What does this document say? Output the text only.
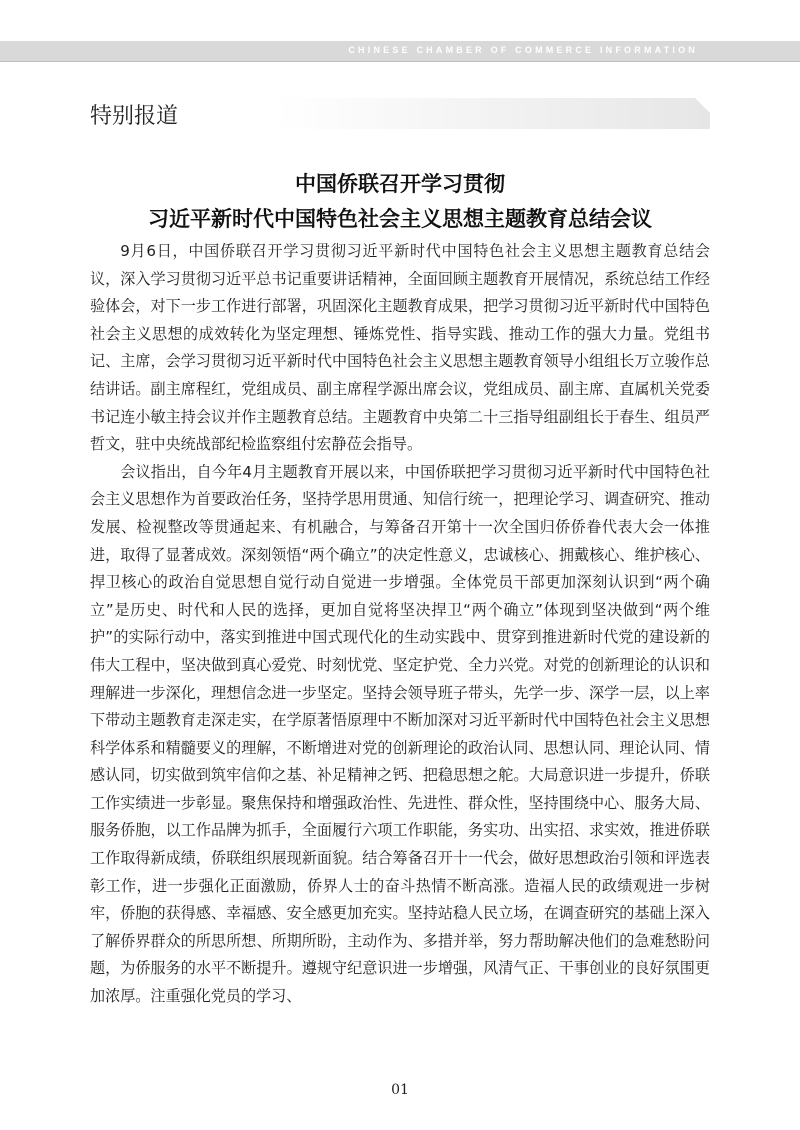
CHINESE CHAMBER OF COMMERCE INFORMATION
特别报道
中国侨联召开学习贯彻
习近平新时代中国特色社会主义思想主题教育总结会议

9月6日，中国侨联召开学习贯彻习近平新时代中国特色社会主义思想主题教育总结会议，深入学习贯彻习近平总书记重要讲话精神，全面回顾主题教育开展情况，系统总结工作经验体会，对下一步工作进行部署，巩固深化主题教育成果，把学习贯彻习近平新时代中国特色社会主义思想的成效转化为坚定理想、锤炼党性、指导实践、推动工作的强大力量。党组书记、主席，会学习贯彻习近平新时代中国特色社会主义思想主题教育领导小组组长万立骏作总结讲话。副主席程红，党组成员、副主席程学源出席会议，党组成员、副主席、直属机关党委书记连小敏主持会议并作主题教育总结。主题教育中央第二十三指导组副组长于春生、组员严哲文，驻中央统战部纪检监察组付宏静莅会指导。

会议指出，自今年4月主题教育开展以来，中国侨联把学习贯彻习近平新时代中国特色社会主义思想作为首要政治任务，坚持学思用贯通、知信行统一，把理论学习、调查研究、推动发展、检视整改等贯通起来、有机融合，与筹备召开第十一次全国归侨侨眷代表大会一体推进，取得了显著成效。深刻领悟“两个确立”的决定性意义，忠诚核心、拥戴核心、维护核心、捍卫核心的政治自觉思想自觉行动自觉进一步增强。全体党员干部更加深刻认识到“两个确立”是历史、时代和人民的选择，更加自觉将坚决捍卫“两个确立”体现到坚决做到“两个维护”的实际行动中，落实到推进中国式现代化的生动实践中、贯穿到推进新时代党的建设新的伟大工程中，坚决做到真心爱党、时刻忧党、坚定护党、全力兴党。对党的创新理论的认识和理解进一步深化，理想信念进一步坚定。坚持会领导班子带头，先学一步、深学一层，以上率下带动主题教育走深走实，在学原著悟原理中不断加深对习近平新时代中国特色社会主义思想科学体系和精髓要义的理解，不断增进对党的创新理论的政治认同、思想认同、理论认同、情感认同，切实做到筑牢信仰之基、补足精神之钙、把稳思想之舵。大局意识进一步提升，侨联工作实绩进一步彰显。聚焦保持和增强政治性、先进性、群众性，坚持围绕中心、服务大局、服务侨胞，以工作品牌为抓手，全面履行六项工作职能，务实功、出实招、求实效，推进侨联工作取得新成绩，侨联组织展现新面貌。结合筹备召开十一代会，做好思想政治引领和评选表彰工作，进一步强化正面激励，侨界人士的奋斗热情不断高涨。造福人民的政绩观进一步树牢，侨胞的获得感、幸福感、安全感更加充实。坚持站稳人民立场，在调查研究的基础上深入了解侨界群众的所思所想、所期所盼，主动作为、多措并举，努力帮助解决他们的急难愁盼问题，为侨服务的水平不断提升。遵规守纪意识进一步增强，风清气正、干事创业的良好氛围更加浓厚。注重强化党员的学习、

01
